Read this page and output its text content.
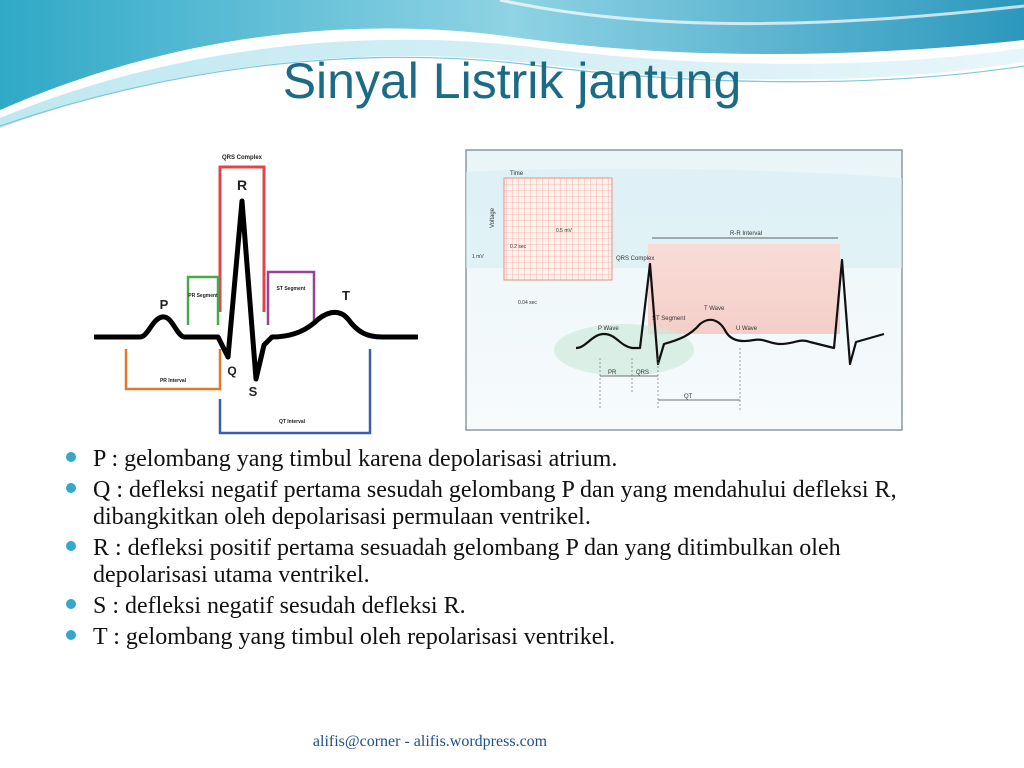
Sinyal Listrik jantung
QRS Complex
R
PR Segment
ST Segment
P
T
Q
S
PR Interval
QT Interval
Time
Voltage
0.2 sec
0.5 mV
1 mV
0.04 sec
R-R Interval
QRS Complex
P Wave
ST Segment
T Wave
U Wave
PR	QRS
QT
P : gelombang yang timbul karena depolarisasi atrium.
Q : defleksi negatif pertama sesudah gelombang P dan yang mendahului defleksi R, dibangkitkan oleh depolarisasi permulaan ventrikel.
R : defleksi positif pertama sesuadah gelombang P dan yang ditimbulkan oleh depolarisasi utama ventrikel.
S : defleksi negatif sesudah defleksi R.
T : gelombang yang timbul oleh repolarisasi ventrikel.
alifis@corner - alifis.wordpress.com
